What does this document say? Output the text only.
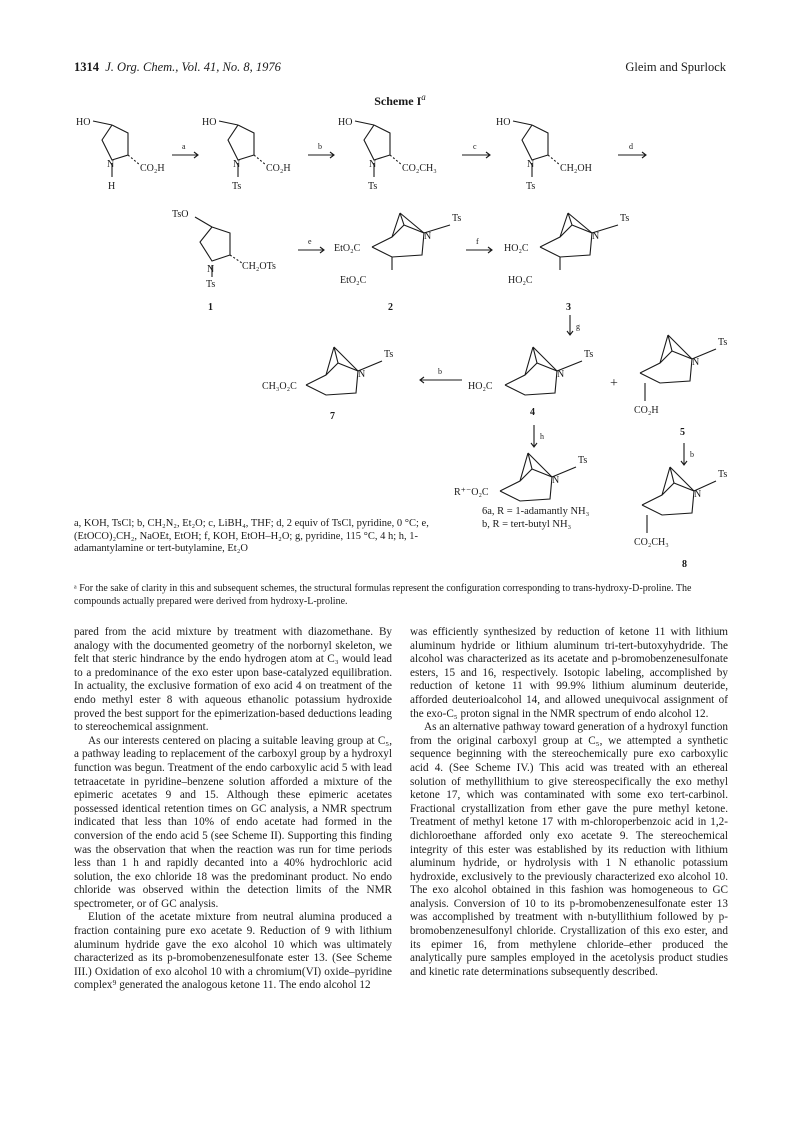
1314 J. Org. Chem., Vol. 41, No. 8, 1976	Gleim and Spurlock
Scheme $I^a$
HO
N	CO₂H
H
a
HO
N	CO₂H
Ts
b
HO
N	CO₂CH₃
Ts
c
HO
N	CH₂OH
Ts
d
TsO
N	CH₂OTs
Ts
1
e
EtO₂C
EtO₂C
N
Ts
2
f
HO₂C
HO₂C
N
Ts
3
g
CH₃O₂C
N
Ts
7
b
HO₂C
N
Ts
4
+
N
Ts
CO₂H
5
h
b
R⁺⁻O₂C
N
Ts
N
Ts
CO₂CH₃
8
6a, R = 1-adamantly NH₃
b, R = tert-butyl NH₃
a, KOH, TsCl; b, CH₂N₂, Et₂O; c, LiBH₄, THF; d, 2 equiv of TsCl, pyridine, 0 °C; e, (EtOCO)₂CH₂, NaOEt, EtOH; f, KOH, EtOH–H₂O; g, pyridine, 115 °C, 4 h; h, 1-adamantylamine or tert-butylamine, Et₂O
ᵃ For the sake of clarity in this and subsequent schemes, the structural formulas represent the configuration corresponding to trans-hydroxy-D-proline. The compounds actually prepared were derived from hydroxy-L-proline.

pared from the acid mixture by treatment with diazomethane. By analogy with the documented geometry of the norbornyl skeleton, we felt that steric hindrance by the endo hydrogen atom at C₃ would lead to a predominance of the exo ester upon base-catalyzed equilibration. In actuality, the exclusive formation of exo acid 4 on treatment of the endo methyl ester 8 with aqueous ethanolic potassium hydroxide proved the best support for the epimerization-based deductions leading to stereochemical assignment.

As our interests centered on placing a suitable leaving group at C₅, a pathway leading to replacement of the carboxyl group by a hydroxyl function was begun. Treatment of the endo carboxylic acid 5 with lead tetraacetate in pyridine–benzene solution afforded a mixture of the epimeric acetates 9 and 15. Although these epimeric acetates possessed identical retention times on GC analysis, a NMR spectrum indicated that less than 10% of endo acetate had formed in the conversion of the endo acid 5 (see Scheme II). Supporting this finding was the observation that when the reaction was run for time periods less than 1 h and rapidly decanted into a 40% hydrochloric acid solution, the exo chloride 18 was the predominant product. No endo chloride was observed within the detection limits of the NMR spectrometer, or of GC analysis.

Elution of the acetate mixture from neutral alumina produced a fraction containing pure exo acetate 9. Reduction of 9 with lithium aluminum hydride gave the exo alcohol 10 which was ultimately characterized as its p-bromobenzenesulfonate ester 13. (See Scheme III.) Oxidation of exo alcohol 10 with a chromium(VI) oxide–pyridine complex⁹ generated the analogous ketone 11. The endo alcohol 12

was efficiently synthesized by reduction of ketone 11 with lithium aluminum hydride or lithium aluminum tri-tert-butoxyhydride. The alcohol was characterized as its acetate and p-bromobenzenesulfonate esters, 15 and 16, respectively. Isotopic labeling, accomplished by reduction of ketone 11 with 99.9% lithium aluminum deuteride, afforded deuterioalcohol 14, and allowed unequivocal assignment of the exo-C₅ proton signal in the NMR spectrum of endo alcohol 12.

As an alternative pathway toward generation of a hydroxyl function from the original carboxyl group at C₅, we attempted a synthetic sequence beginning with the stereochemically pure exo carboxylic acid 4. (See Scheme IV.) This acid was treated with an ethereal solution of methyllithium to give stereospecifically the exo methyl ketone 17, which was contaminated with some exo tert-carbinol. Fractional crystallization from ether gave the pure methyl ketone. Treatment of methyl ketone 17 with m-chloroperbenzoic acid in 1,2-dichloroethane afforded only exo acetate 9. The stereochemical integrity of this ester was established by its reduction with lithium aluminum hydride, or hydrolysis with 1 N ethanolic potassium hydroxide, exclusively to the previously characterized exo alcohol 10. The exo alcohol obtained in this fashion was homogeneous to GC analysis. Conversion of 10 to its p-bromobenzenesulfonate ester 13 was accomplished by treatment with n-butyllithium followed by p-bromobenzenesulfonyl chloride. Crystallization of this exo ester, and its epimer 16, from methylene chloride–ether produced the analytically pure samples employed in the acetolysis product studies and kinetic rate determinations subsequently described.
